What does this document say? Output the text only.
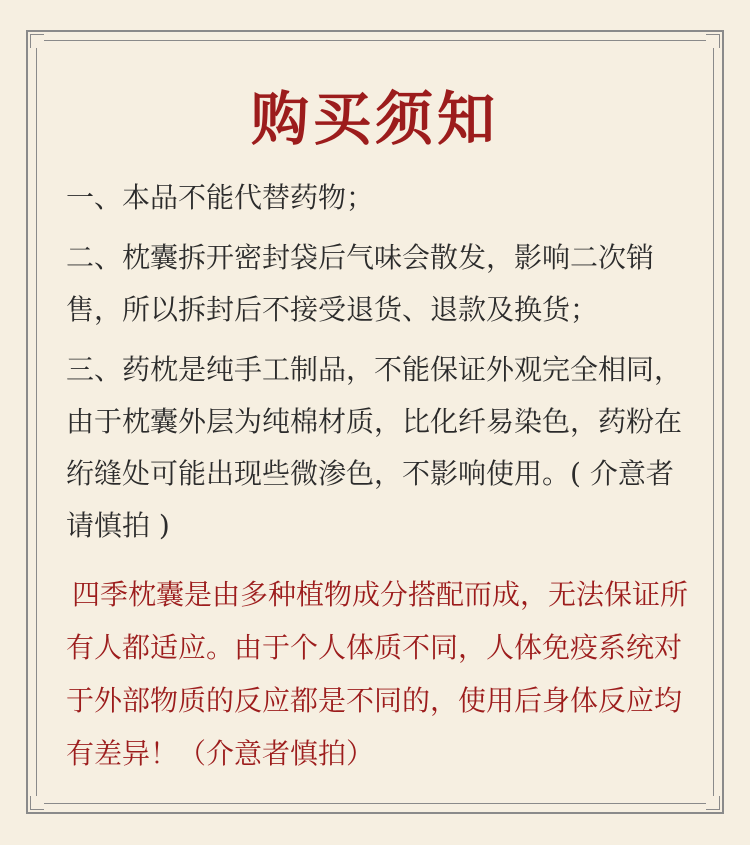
购买须知

一、本品不能代替药物；

二、枕囊拆开密封袋后气味会散发，影响二次销售，所以拆封后不接受退货、退款及换货；

三、药枕是纯手工制品，不能保证外观完全相同，由于枕囊外层为纯棉材质，比化纤易染色，药粉在绗缝处可能出现些微渗色，不影响使用。( 介意者请慎拍 )

四季枕囊是由多种植物成分搭配而成，无法保证所有人都适应。由于个人体质不同，人体免疫系统对于外部物质的反应都是不同的，使用后身体反应均有差异！（介意者慎拍）
